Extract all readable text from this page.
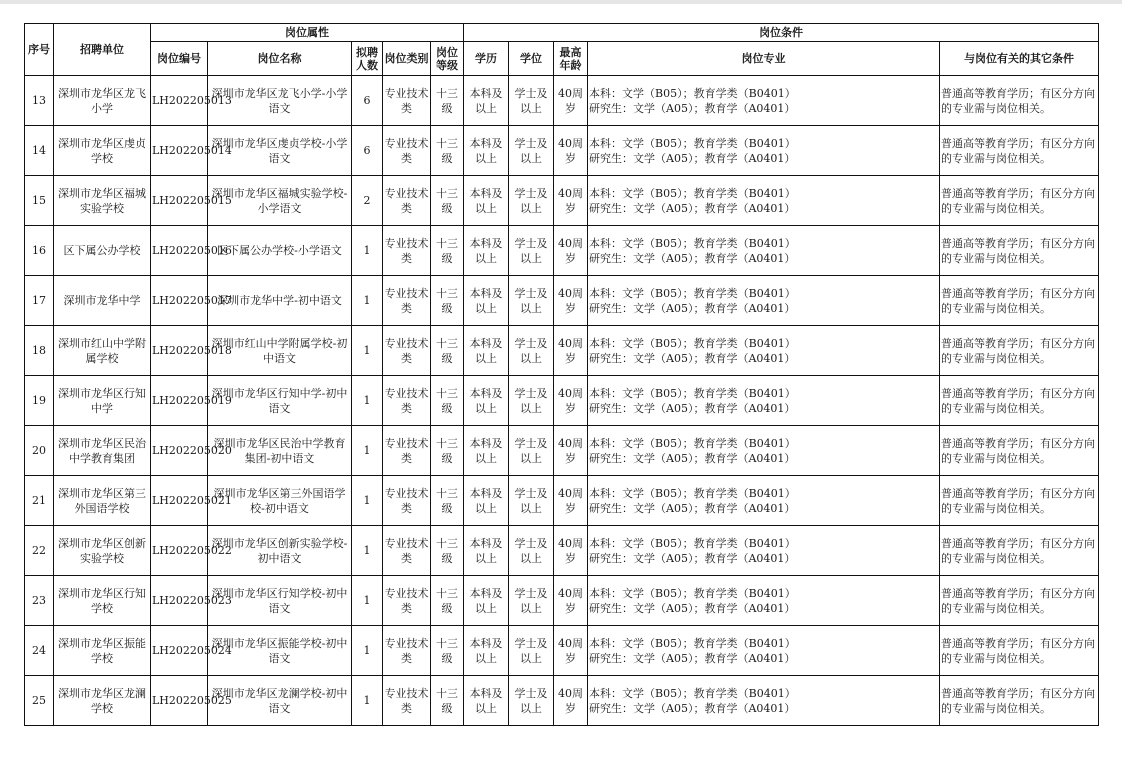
序号	招聘单位	岗位属性					岗位条件				
		岗位编号	岗位名称	拟聘人数	岗位类别	岗位等级	学历	学位	最高年龄	岗位专业	与岗位有关的其它条件
13	深圳市龙华区龙飞小学	LH202205013	深圳市龙华区龙飞小学-小学语文	6	专业技术类	十三级	本科及以上	学士及以上	40周岁	本科：文学（B05）；教育学类（B0401）
研究生：文学（A05）；教育学（A0401）	普通高等教育学历；有区分方向的专业需与岗位相关。
14	深圳市龙华区虔贞学校	LH202205014	深圳市龙华区虔贞学校-小学语文	6	专业技术类	十三级	本科及以上	学士及以上	40周岁	本科：文学（B05）；教育学类（B0401）
研究生：文学（A05）；教育学（A0401）	普通高等教育学历；有区分方向的专业需与岗位相关。
15	深圳市龙华区福城实验学校	LH202205015	深圳市龙华区福城实验学校-小学语文	2	专业技术类	十三级	本科及以上	学士及以上	40周岁	本科：文学（B05）；教育学类（B0401）
研究生：文学（A05）；教育学（A0401）	普通高等教育学历；有区分方向的专业需与岗位相关。
16	区下属公办学校	LH202205016	区下属公办学校-小学语文	1	专业技术类	十三级	本科及以上	学士及以上	40周岁	本科：文学（B05）；教育学类（B0401）
研究生：文学（A05）；教育学（A0401）	普通高等教育学历；有区分方向的专业需与岗位相关。
17	深圳市龙华中学	LH202205017	深圳市龙华中学-初中语文	1	专业技术类	十三级	本科及以上	学士及以上	40周岁	本科：文学（B05）；教育学类（B0401）
研究生：文学（A05）；教育学（A0401）	普通高等教育学历；有区分方向的专业需与岗位相关。
18	深圳市红山中学附属学校	LH202205018	深圳市红山中学附属学校-初中语文	1	专业技术类	十三级	本科及以上	学士及以上	40周岁	本科：文学（B05）；教育学类（B0401）
研究生：文学（A05）；教育学（A0401）	普通高等教育学历；有区分方向的专业需与岗位相关。
19	深圳市龙华区行知中学	LH202205019	深圳市龙华区行知中学-初中语文	1	专业技术类	十三级	本科及以上	学士及以上	40周岁	本科：文学（B05）；教育学类（B0401）
研究生：文学（A05）；教育学（A0401）	普通高等教育学历；有区分方向的专业需与岗位相关。
20	深圳市龙华区民治中学教育集团	LH202205020	深圳市龙华区民治中学教育集团-初中语文	1	专业技术类	十三级	本科及以上	学士及以上	40周岁	本科：文学（B05）；教育学类（B0401）
研究生：文学（A05）；教育学（A0401）	普通高等教育学历；有区分方向的专业需与岗位相关。
21	深圳市龙华区第三外国语学校	LH202205021	深圳市龙华区第三外国语学校-初中语文	1	专业技术类	十三级	本科及以上	学士及以上	40周岁	本科：文学（B05）；教育学类（B0401）
研究生：文学（A05）；教育学（A0401）	普通高等教育学历；有区分方向的专业需与岗位相关。
22	深圳市龙华区创新实验学校	LH202205022	深圳市龙华区创新实验学校-初中语文	1	专业技术类	十三级	本科及以上	学士及以上	40周岁	本科：文学（B05）；教育学类（B0401）
研究生：文学（A05）；教育学（A0401）	普通高等教育学历；有区分方向的专业需与岗位相关。
23	深圳市龙华区行知学校	LH202205023	深圳市龙华区行知学校-初中语文	1	专业技术类	十三级	本科及以上	学士及以上	40周岁	本科：文学（B05）；教育学类（B0401）
研究生：文学（A05）；教育学（A0401）	普通高等教育学历；有区分方向的专业需与岗位相关。
24	深圳市龙华区振能学校	LH202205024	深圳市龙华区振能学校-初中语文	1	专业技术类	十三级	本科及以上	学士及以上	40周岁	本科：文学（B05）；教育学类（B0401）
研究生：文学（A05）；教育学（A0401）	普通高等教育学历；有区分方向的专业需与岗位相关。
25	深圳市龙华区龙澜学校	LH202205025	深圳市龙华区龙澜学校-初中语文	1	专业技术类	十三级	本科及以上	学士及以上	40周岁	本科：文学（B05）；教育学类（B0401）
研究生：文学（A05）；教育学（A0401）	普通高等教育学历；有区分方向的专业需与岗位相关。
